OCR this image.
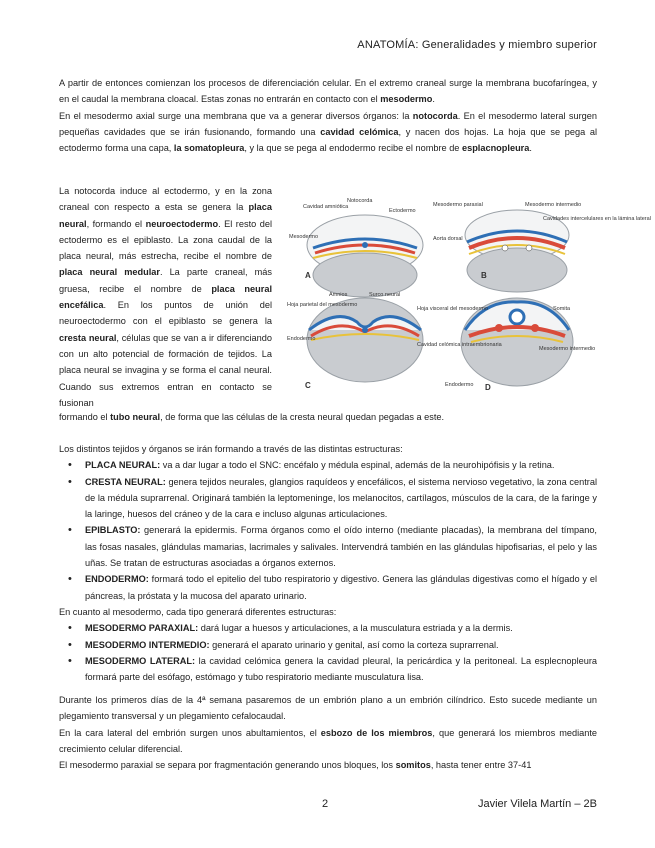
ANATOMÍA: Generalidades y miembro superior

A partir de entonces comienzan los procesos de diferenciación celular. En el extremo craneal surge la membrana bucofaríngea, y en el caudal la membrana cloacal. Estas zonas no entrarán en contacto con el mesodermo.

En el mesodermo axial surge una membrana que va a generar diversos órganos: la notocorda. En el mesodermo lateral surgen pequeñas cavidades que se irán fusionando, formando una cavidad celómica, y nacen dos hojas. La hoja que se pega al ectodermo forma una capa, la somatopleura, y la que se pega al endodermo recibe el nombre de esplacnopleura.

La notocorda induce al ectodermo, y en la zona craneal con respecto a esta se genera la placa neural, formando el neuroectodermo. El resto del ectodermo es el epiblasto. La zona caudal de la placa neural, más estrecha, recibe el nombre de placa neural medular. La parte craneal, más gruesa, recibe el nombre de placa neural encefálica. En los puntos de unión del neuroectodermo con el epiblasto se genera la cresta neural, células que se van a ir diferenciando con un alto potencial de formación de tejidos. La placa neural se invagina y se forma el canal neural. Cuando sus extremos entran en contacto se fusionan

A	B
C	D
Notocorda
Cavidad amniótica
Ectodermo
Mesodermo
Mesodermo paraxial	Mesodermo intermedio
Aorta dorsal
Cavidades intercelulares en la lámina lateral
Amnios	Surco neural
Hoja parietal del mesodermo
Hoja visceral del mesodermo
Endodermo
Cavidad celómica intraembrionaria
Somita
Endodermo
Mesodermo intermedio

formando el tubo neural, de forma que las células de la cresta neural quedan pegadas a este.

Los distintos tejidos y órganos se irán formando a través de las distintas estructuras:

• PLACA NEURAL: va a dar lugar a todo el SNC: encéfalo y médula espinal, además de la neurohipófisis y la retina.
• CRESTA NEURAL: genera tejidos neurales, glangios raquídeos y encefálicos, el sistema nervioso vegetativo, la zona central de la médula suprarrenal. Originará también la leptomeninge, los melanocitos, cartílagos, músculos de la cara, de la faringe y la laringe, huesos del cráneo y de la cara e incluso algunas articulaciones.
• EPIBLASTO: generará la epidermis. Forma órganos como el oído interno (mediante placadas), la membrana del tímpano, las fosas nasales, glándulas mamarias, lacrimales y salivales. Intervendrá también en las glándulas hipofisarias, el pelo y las uñas. Se tratan de estructuras asociadas a órganos externos.
• ENDODERMO: formará todo el epitelio del tubo respiratorio y digestivo. Genera las glándulas digestivas como el hígado y el páncreas, la próstata y la mucosa del aparato urinario.

En cuanto al mesodermo, cada tipo generará diferentes estructuras:

• MESODERMO PARAXIAL: dará lugar a huesos y articulaciones, a la musculatura estriada y a la dermis.
• MESODERMO INTERMEDIO: generará el aparato urinario y genital, así como la corteza suprarrenal.
• MESODERMO LATERAL: la cavidad celómica genera la cavidad pleural, la pericárdica y la peritoneal. La esplecnopleura formará parte del esófago, estómago y tubo respiratorio mediante musculatura lisa.

Durante los primeros días de la 4ª semana pasaremos de un embrión plano a un embrión cilíndrico. Esto sucede mediante un plegamiento transversal y un plegamiento cefalocaudal.

En la cara lateral del embrión surgen unos abultamientos, el esbozo de los miembros, que generará los miembros mediante crecimiento celular diferencial.

El mesodermo paraxial se separa por fragmentación generando unos bloques, los somitos, hasta tener entre 37-41

2	Javier Vilela Martín – 2B
